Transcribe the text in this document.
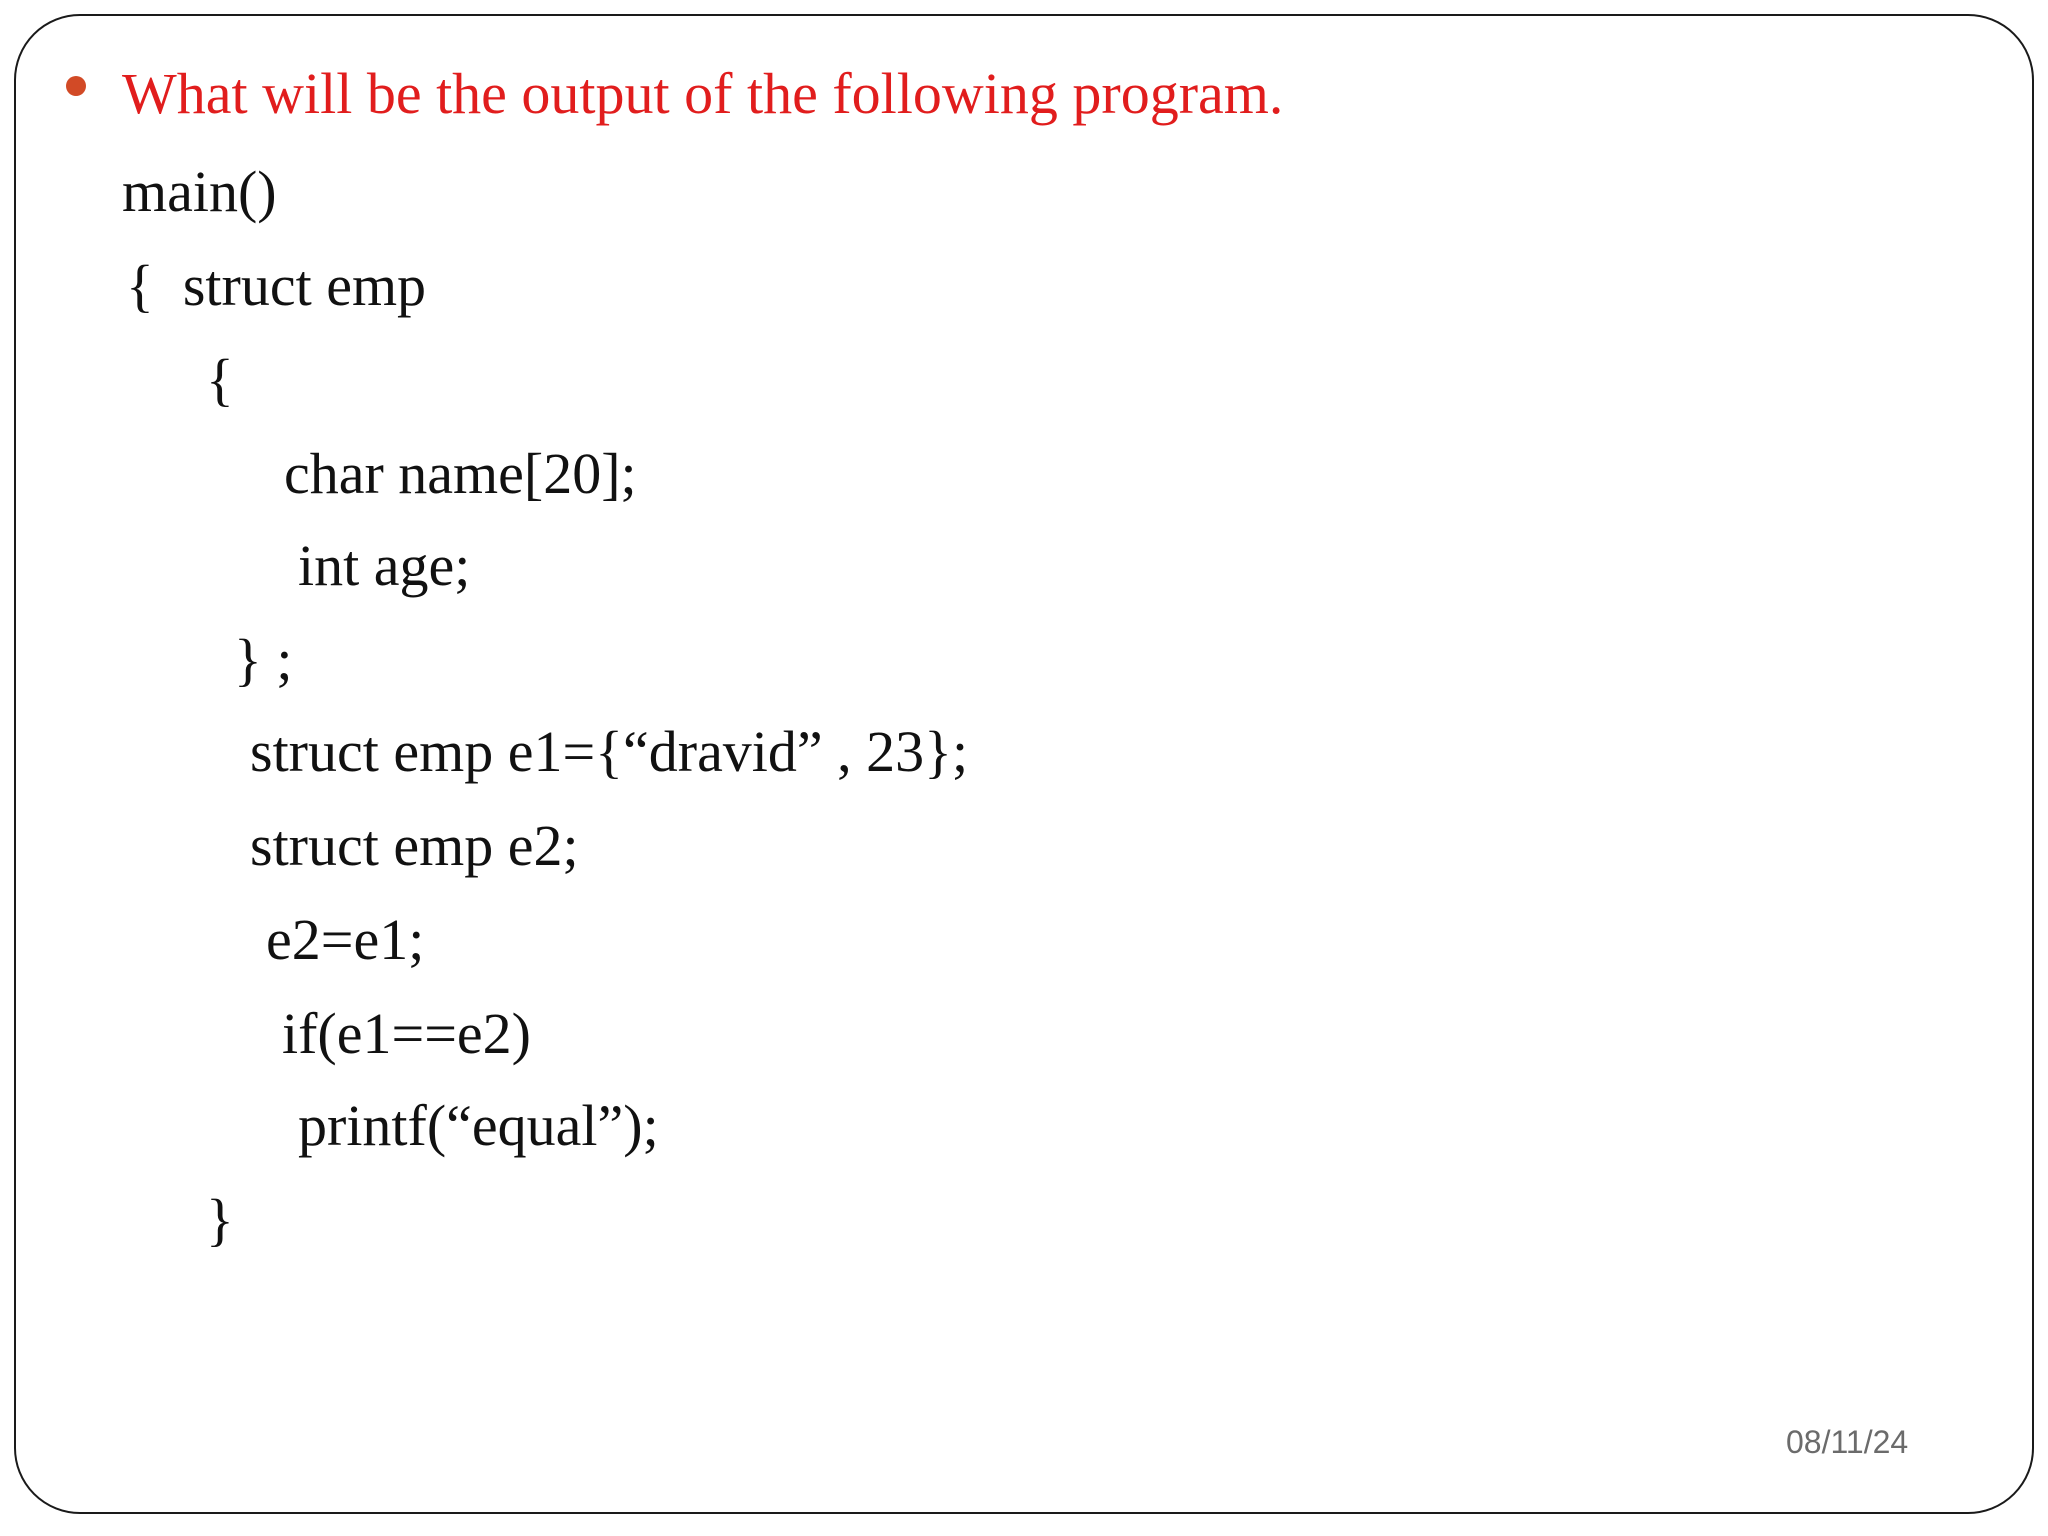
What will be the output of the following program.
main()
{  struct emp
{
char name[20];
int age;
} ;
struct emp e1={“dravid” , 23};
struct emp e2;
e2=e1;
if(e1==e2)
printf(“equal”);
}
08/11/24
